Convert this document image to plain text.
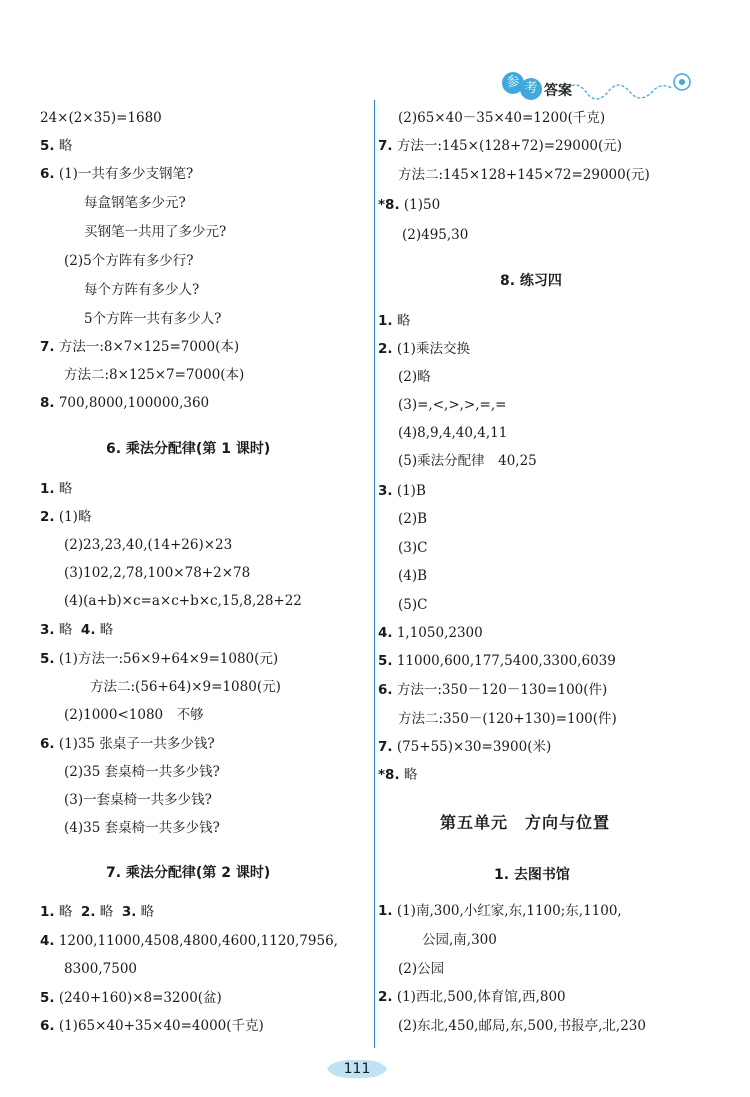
参 考 答案
24×(2×35)=1680
5. 略
6. (1)一共有多少支钢笔?
每盒钢笔多少元?
买钢笔一共用了多少元?
(2)5个方阵有多少行?
每个方阵有多少人?
5个方阵一共有多少人?
7. 方法一:8×7×125=7000(本)
方法二:8×125×7=7000(本)
8. 700,8000,100000,360
6. 乘法分配律(第 1 课时)
1. 略
2. (1)略
(2)23,23,40,(14+26)×23
(3)102,2,78,100×78+2×78
(4)(a+b)×c=a×c+b×c,15,8,28+22
3. 略 4. 略
5. (1)方法一:56×9+64×9=1080(元)
方法二:(56+64)×9=1080(元)
(2)1000<1080　不够
6. (1)35 张桌子一共多少钱?
(2)35 套桌椅一共多少钱?
(3)一套桌椅一共多少钱?
(4)35 套桌椅一共多少钱?
7. 乘法分配律(第 2 课时)
1. 略 2. 略 3. 略
4. 1200,11000,4508,4800,4600,1120,7956,
8300,7500
5. (240+160)×8=3200(盆)
6. (1)65×40+35×40=4000(千克)
(2)65×40－35×40=1200(千克)
7. 方法一:145×(128+72)=29000(元)
方法二:145×128+145×72=29000(元)
*8. (1)50
(2)495,30
8. 练习四
1. 略
2. (1)乘法交换
(2)略
(3)=,<,>,>,=,=
(4)8,9,4,40,4,11
(5)乘法分配律　40,25
3. (1)B
(2)B
(3)C
(4)B
(5)C
4. 1,1050,2300
5. 11000,600,177,5400,3300,6039
6. 方法一:350－120－130=100(件)
方法二:350－(120+130)=100(件)
7. (75+55)×30=3900(米)
*8. 略
第五单元　方向与位置
1. 去图书馆
1. (1)南,300,小红家,东,1100;东,1100,
公园,南,300
(2)公园
2. (1)西北,500,体育馆,西,800
(2)东北,450,邮局,东,500,书报亭,北,230
111
